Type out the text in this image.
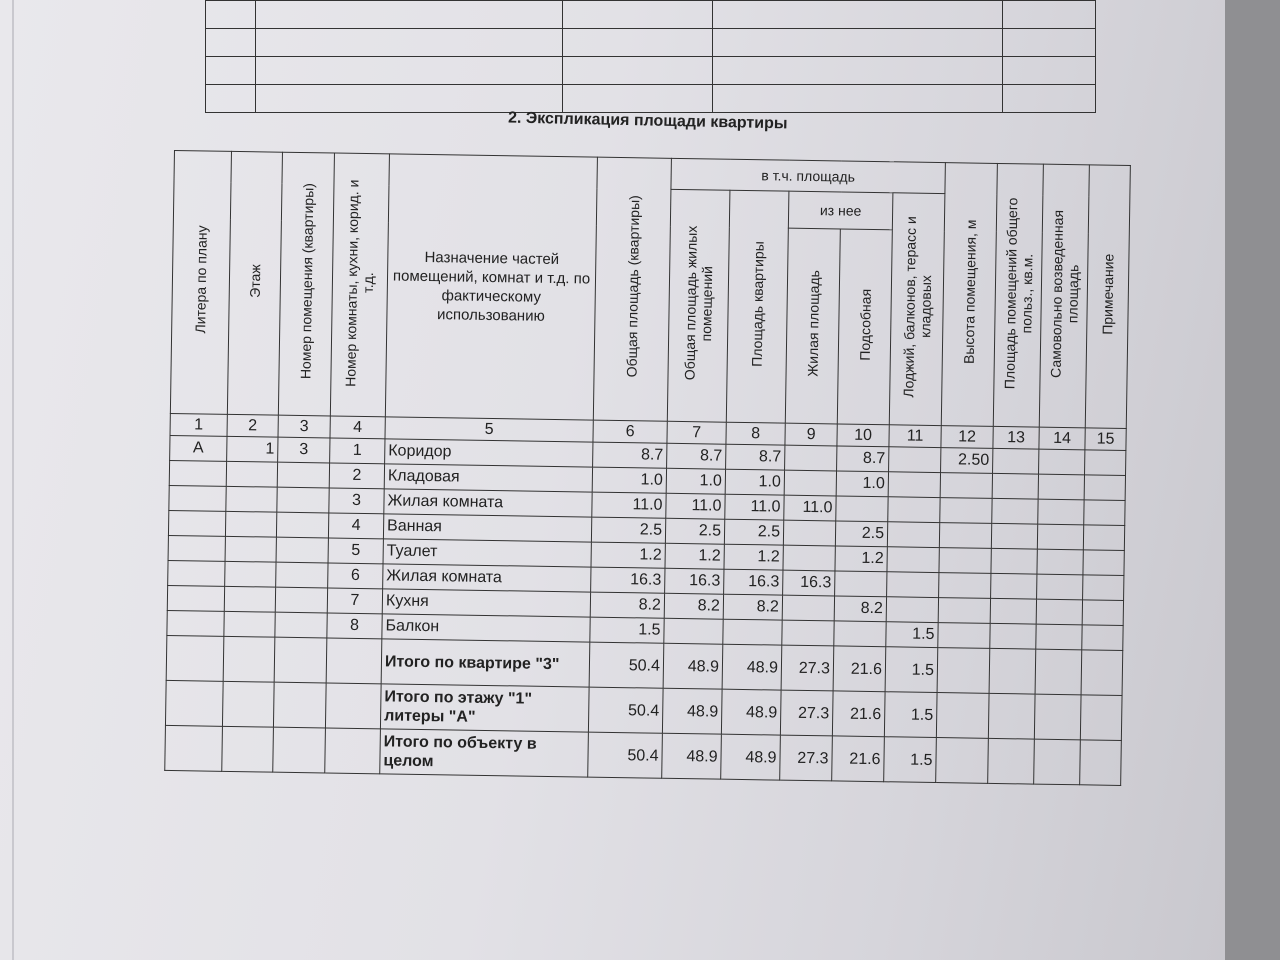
2. Экспликация площади квартиры
Литера по плану	Этаж	Номер помещения (квартиры)	Номер комнаты, кухни, корид. и т.д.	Назначение частей помещений, комнат и т.д. по фактическому использованию	Общая площадь (квартиры)	в т.ч. площадь					Высота помещения, м	Площадь помещений общего польз., кв.м.	Самовольно возведенная площадь	Примечание
						Общая площадь жилых помещений	Площадь квартиры	из нее		Лоджий, балконов, терасс и кладовых				
								Жилая площадь	Подсобная					
1	2	3	4	5	6	7	8	9	10	11	12	13	14	15
А	1	3	1	Коридор	8.7	8.7	8.7		8.7		2.50			
			2	Кладовая	1.0	1.0	1.0		1.0					
			3	Жилая комната	11.0	11.0	11.0	11.0						
			4	Ванная	2.5	2.5	2.5		2.5					
			5	Туалет	1.2	1.2	1.2		1.2					
			6	Жилая комната	16.3	16.3	16.3	16.3						
			7	Кухня	8.2	8.2	8.2		8.2					
			8	Балкон	1.5					1.5				
				Итого по квартире "3"	50.4	48.9	48.9	27.3	21.6	1.5				
				Итого по этажу "1" литеры "А"	50.4	48.9	48.9	27.3	21.6	1.5				
				Итого по объекту в целом	50.4	48.9	48.9	27.3	21.6	1.5				
